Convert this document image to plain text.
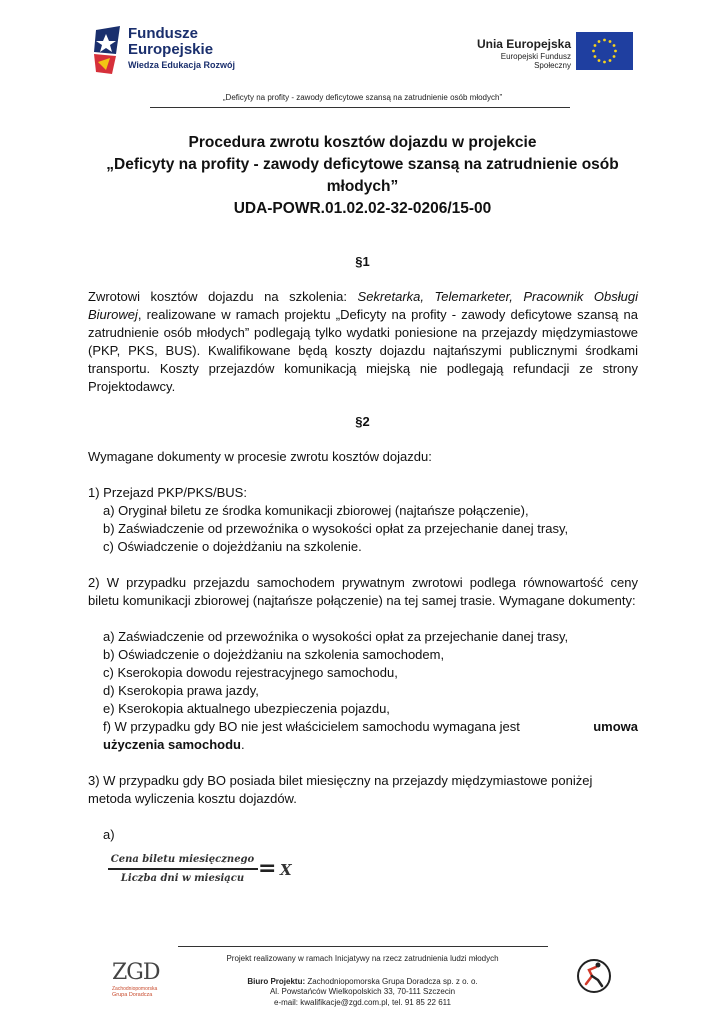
Fundusze
Europejskie
Wiedza Edukacja Rozwój
Unia Europejska
Europejski Fundusz Społeczny
„Deficyty na profity - zawody deficytowe szansą na zatrudnienie osób młodych”
Procedura zwrotu kosztów dojazdu w projekcie
„Deficyty na profity - zawody deficytowe szansą na zatrudnienie osób
młodych”
UDA-POWR.01.02.02-32-0206/15-00
§1
Zwrotowi kosztów dojazdu na szkolenia: Sekretarka, Telemarketer, Pracownik Obsługi Biurowej, realizowane w ramach projektu „Deficyty na profity - zawody deficytowe szansą na zatrudnienie osób młodych” podlegają tylko wydatki poniesione na przejazdy międzymiastowe (PKP, PKS, BUS). Kwalifikowane będą koszty dojazdu najtańszymi publicznymi środkami transportu. Koszty przejazdów komunikacją miejską nie podlegają refundacji ze strony Projektodawcy.
§2
Wymagane dokumenty w procesie zwrotu kosztów dojazdu:
1) Przejazd PKP/PKS/BUS:
a) Oryginał biletu ze środka komunikacji zbiorowej (najtańsze połączenie),
b) Zaświadczenie od przewoźnika o wysokości opłat za przejechanie danej trasy,
c) Oświadczenie o dojeżdżaniu na szkolenie.
2) W przypadku przejazdu samochodem prywatnym zwrotowi podlega równowartość ceny biletu komunikacji zbiorowej (najtańsze połączenie) na tej samej trasie. Wymagane dokumenty:
a) Zaświadczenie od przewoźnika o wysokości opłat za przejechanie danej trasy,
b) Oświadczenie o dojeżdżaniu na szkolenia samochodem,
c) Kserokopia dowodu rejestracyjnego samochodu,
d) Kserokopia prawa jazdy,
e) Kserokopia aktualnego ubezpieczenia pojazdu,
f) W przypadku gdy BO nie jest właścicielem samochodu wymagana jest	umowa
użyczenia samochodu.
3) W przypadku gdy BO posiada bilet miesięczny na przejazdy międzymiastowe poniżej metoda wyliczenia kosztu dojazdów.
a)
Cena biletu miesięcznego
Liczba dni w miesiącu = X
Projekt realizowany w ramach Inicjatywy na rzecz zatrudnienia ludzi młodych
Biuro Projektu: Zachodniopomorska Grupa Doradcza sp. z o. o.
Al. Powstańców Wielkopolskich 33, 70-111 Szczecin
e-mail: kwalifikacje@zgd.com.pl, tel. 91 85 22 611
ZGD
Zachodniopomorska
Grupa Doradcza
